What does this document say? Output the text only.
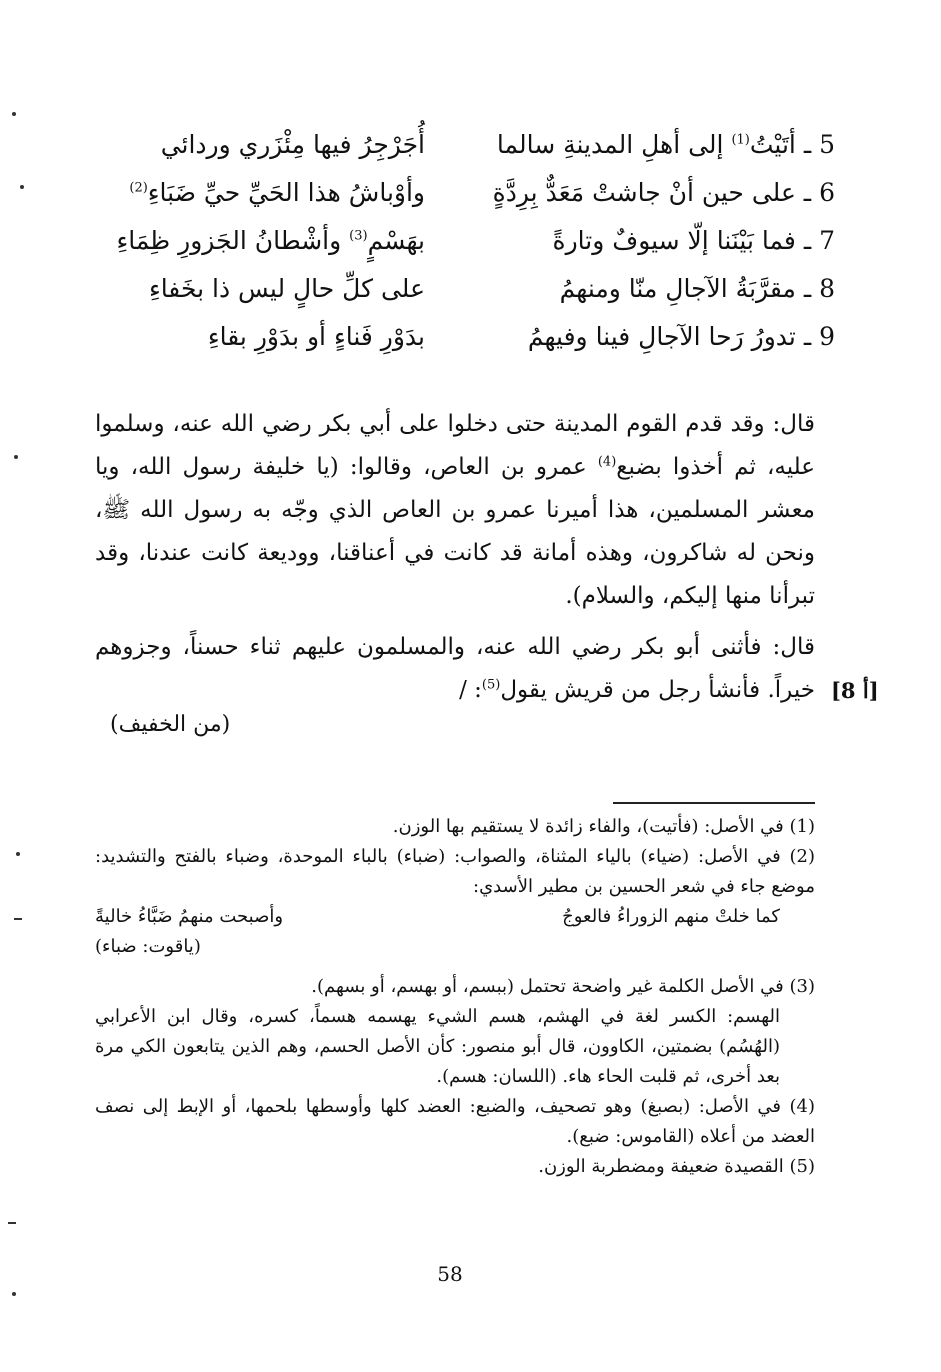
5 ـ أتَيْتُ$^{(1)}$ إلى أهلِ المدينةِ سالما
أُجَرْجِرُ فيها مِئْزَري وردائي
6 ـ على حين أنْ جاشتْ مَعَدٌّ بِرِدَّةٍ
وأوْباشُ هذا الحَيِّ حيِّ ضَبَاءِ$^{(2)}$
7 ـ فما بَيْنَنا إلّا سيوفٌ وتارةً
بهَسْمٍ$^{(3)}$ وأشْطانُ الجَزورِ ظِمَاءِ
8 ـ مقرَّبَةُ الآجالِ منّا ومنهمُ
على كلِّ حالٍ ليس ذا بخَفاءِ
9 ـ تدورُ رَحا الآجالِ فينا وفيهمُ
بدَوْرِ فَناءٍ أو بدَوْرِ بقاءِ

قال: وقد قدم القوم المدينة حتى دخلوا على أبي بكر رضي الله عنه، وسلموا عليه، ثم أخذوا بضبع$^{(4)}$ عمرو بن العاص، وقالوا: (يا خليفة رسول الله، ويا معشر المسلمين، هذا أميرنا عمرو بن العاص الذي وجّه به رسول الله ﷺ، ونحن له شاكرون، وهذه أمانة قد كانت في أعناقنا، ووديعة كانت عندنا، وقد تبرأنا منها إليكم، والسلام).

قال: فأثنى أبو بكر رضي الله عنه، والمسلمون عليهم ثناء حسناً، وجزوهم خيراً. فأنشأ رجل من قريش يقول$^{(5)}$: /	[8 أ]
(من الخفيف)

(1) في الأصل: (فأتيت)، والفاء زائدة لا يستقيم بها الوزن.

(2) في الأصل: (ضياء) بالياء المثناة، والصواب: (ضباء) بالباء الموحدة، وضباء بالفتح والتشديد: موضع جاء في شعر الحسين بن مطير الأسدي:

وأصبحت منهمُ ضَبَّاءُ خاليةً	كما خلتْ منهم الزوراءُ فالعوجُ

(ياقوت: ضباء)

(3) في الأصل الكلمة غير واضحة تحتمل (ببسم، أو بهسم، أو بسهم).

الهسم: الكسر لغة في الهشم، هسم الشيء يهسمه هسماً، كسره، وقال ابن الأعرابي (الهُسُم) بضمتين، الكاوون، قال أبو منصور: كأن الأصل الحسم، وهم الذين يتابعون الكي مرة بعد أخرى، ثم قلبت الحاء هاء. (اللسان: هسم).

(4) في الأصل: (بصبغ) وهو تصحيف، والضبع: العضد كلها وأوسطها بلحمها، أو الإبط إلى نصف العضد من أعلاه (القاموس: ضبع).

(5) القصيدة ضعيفة ومضطربة الوزن.

58
